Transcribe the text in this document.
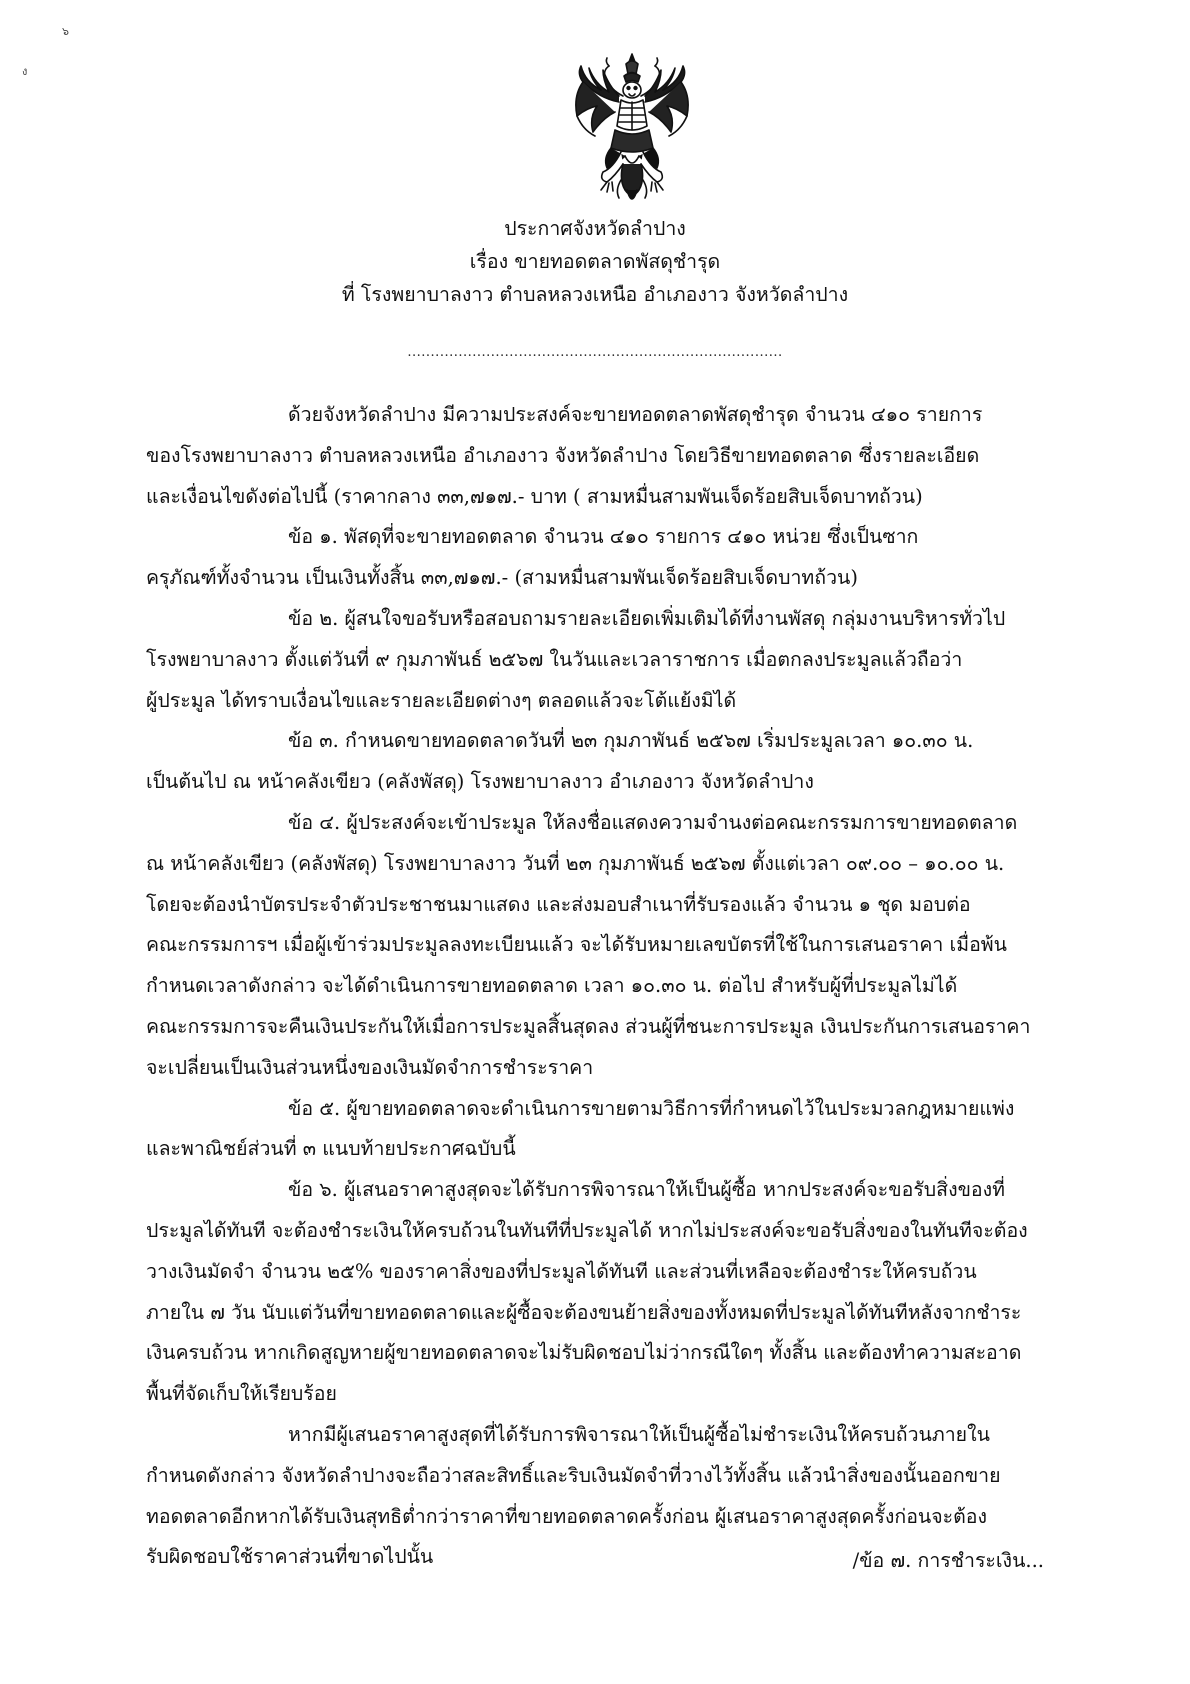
๖
ง
ประกาศจังหวัดลำปาง
เรื่อง ขายทอดตลาดพัสดุชำรุด
ที่ โรงพยาบาลงาว ตำบลหลวงเหนือ อำเภองาว จังหวัดลำปาง
.................................................................................
ด้วยจังหวัดลำปาง มีความประสงค์จะขายทอดตลาดพัสดุชำรุด จำนวน ๔๑๐ รายการ
ของโรงพยาบาลงาว ตำบลหลวงเหนือ อำเภองาว จังหวัดลำปาง โดยวิธีขายทอดตลาด ซึ่งรายละเอียด
และเงื่อนไขดังต่อไปนี้ (ราคากลาง ๓๓,๗๑๗.- บาท ( สามหมื่นสามพันเจ็ดร้อยสิบเจ็ดบาทถ้วน)
ข้อ ๑. พัสดุที่จะขายทอดตลาด จำนวน ๔๑๐ รายการ ๔๑๐ หน่วย ซึ่งเป็นซาก
ครุภัณฑ์ทั้งจำนวน เป็นเงินทั้งสิ้น ๓๓,๗๑๗.- (สามหมื่นสามพันเจ็ดร้อยสิบเจ็ดบาทถ้วน)
ข้อ ๒. ผู้สนใจขอรับหรือสอบถามรายละเอียดเพิ่มเติมได้ที่งานพัสดุ กลุ่มงานบริหารทั่วไป
โรงพยาบาลงาว ตั้งแต่วันที่ ๙ กุมภาพันธ์ ๒๕๖๗ ในวันและเวลาราชการ เมื่อตกลงประมูลแล้วถือว่า
ผู้ประมูล ได้ทราบเงื่อนไขและรายละเอียดต่างๆ ตลอดแล้วจะโต้แย้งมิได้
ข้อ ๓. กำหนดขายทอดตลาดวันที่ ๒๓ กุมภาพันธ์ ๒๕๖๗ เริ่มประมูลเวลา ๑๐.๓๐ น.
เป็นต้นไป ณ หน้าคลังเขียว (คลังพัสดุ) โรงพยาบาลงาว อำเภองาว จังหวัดลำปาง
ข้อ ๔. ผู้ประสงค์จะเข้าประมูล ให้ลงชื่อแสดงความจำนงต่อคณะกรรมการขายทอดตลาด
ณ หน้าคลังเขียว (คลังพัสดุ) โรงพยาบาลงาว วันที่ ๒๓ กุมภาพันธ์ ๒๕๖๗ ตั้งแต่เวลา ๐๙.๐๐ – ๑๐.๐๐ น.
โดยจะต้องนำบัตรประจำตัวประชาชนมาแสดง และส่งมอบสำเนาที่รับรองแล้ว จำนวน ๑ ชุด มอบต่อ
คณะกรรมการฯ เมื่อผู้เข้าร่วมประมูลลงทะเบียนแล้ว จะได้รับหมายเลขบัตรที่ใช้ในการเสนอราคา เมื่อพ้น
กำหนดเวลาดังกล่าว จะได้ดำเนินการขายทอดตลาด เวลา ๑๐.๓๐ น. ต่อไป สำหรับผู้ที่ประมูลไม่ได้
คณะกรรมการจะคืนเงินประกันให้เมื่อการประมูลสิ้นสุดลง ส่วนผู้ที่ชนะการประมูล เงินประกันการเสนอราคา
จะเปลี่ยนเป็นเงินส่วนหนึ่งของเงินมัดจำการชำระราคา
ข้อ ๕. ผู้ขายทอดตลาดจะดำเนินการขายตามวิธีการที่กำหนดไว้ในประมวลกฎหมายแพ่ง
และพาณิชย์ส่วนที่ ๓ แนบท้ายประกาศฉบับนี้
ข้อ ๖. ผู้เสนอราคาสูงสุดจะได้รับการพิจารณาให้เป็นผู้ซื้อ หากประสงค์จะขอรับสิ่งของที่
ประมูลได้ทันที จะต้องชำระเงินให้ครบถ้วนในทันทีที่ประมูลได้ หากไม่ประสงค์จะขอรับสิ่งของในทันทีจะต้อง
วางเงินมัดจำ จำนวน ๒๕% ของราคาสิ่งของที่ประมูลได้ทันที และส่วนที่เหลือจะต้องชำระให้ครบถ้วน
ภายใน ๗ วัน นับแต่วันที่ขายทอดตลาดและผู้ซื้อจะต้องขนย้ายสิ่งของทั้งหมดที่ประมูลได้ทันทีหลังจากชำระ
เงินครบถ้วน หากเกิดสูญหายผู้ขายทอดตลาดจะไม่รับผิดชอบไม่ว่ากรณีใดๆ ทั้งสิ้น และต้องทำความสะอาด
พื้นที่จัดเก็บให้เรียบร้อย
หากมีผู้เสนอราคาสูงสุดที่ได้รับการพิจารณาให้เป็นผู้ซื้อไม่ชำระเงินให้ครบถ้วนภายใน
กำหนดดังกล่าว จังหวัดลำปางจะถือว่าสละสิทธิ์และริบเงินมัดจำที่วางไว้ทั้งสิ้น แล้วนำสิ่งของนั้นออกขาย
ทอดตลาดอีกหากได้รับเงินสุทธิต่ำกว่าราคาที่ขายทอดตลาดครั้งก่อน ผู้เสนอราคาสูงสุดครั้งก่อนจะต้อง
รับผิดชอบใช้ราคาส่วนที่ขาดไปนั้น	/ข้อ ๗. การชำระเงิน...
